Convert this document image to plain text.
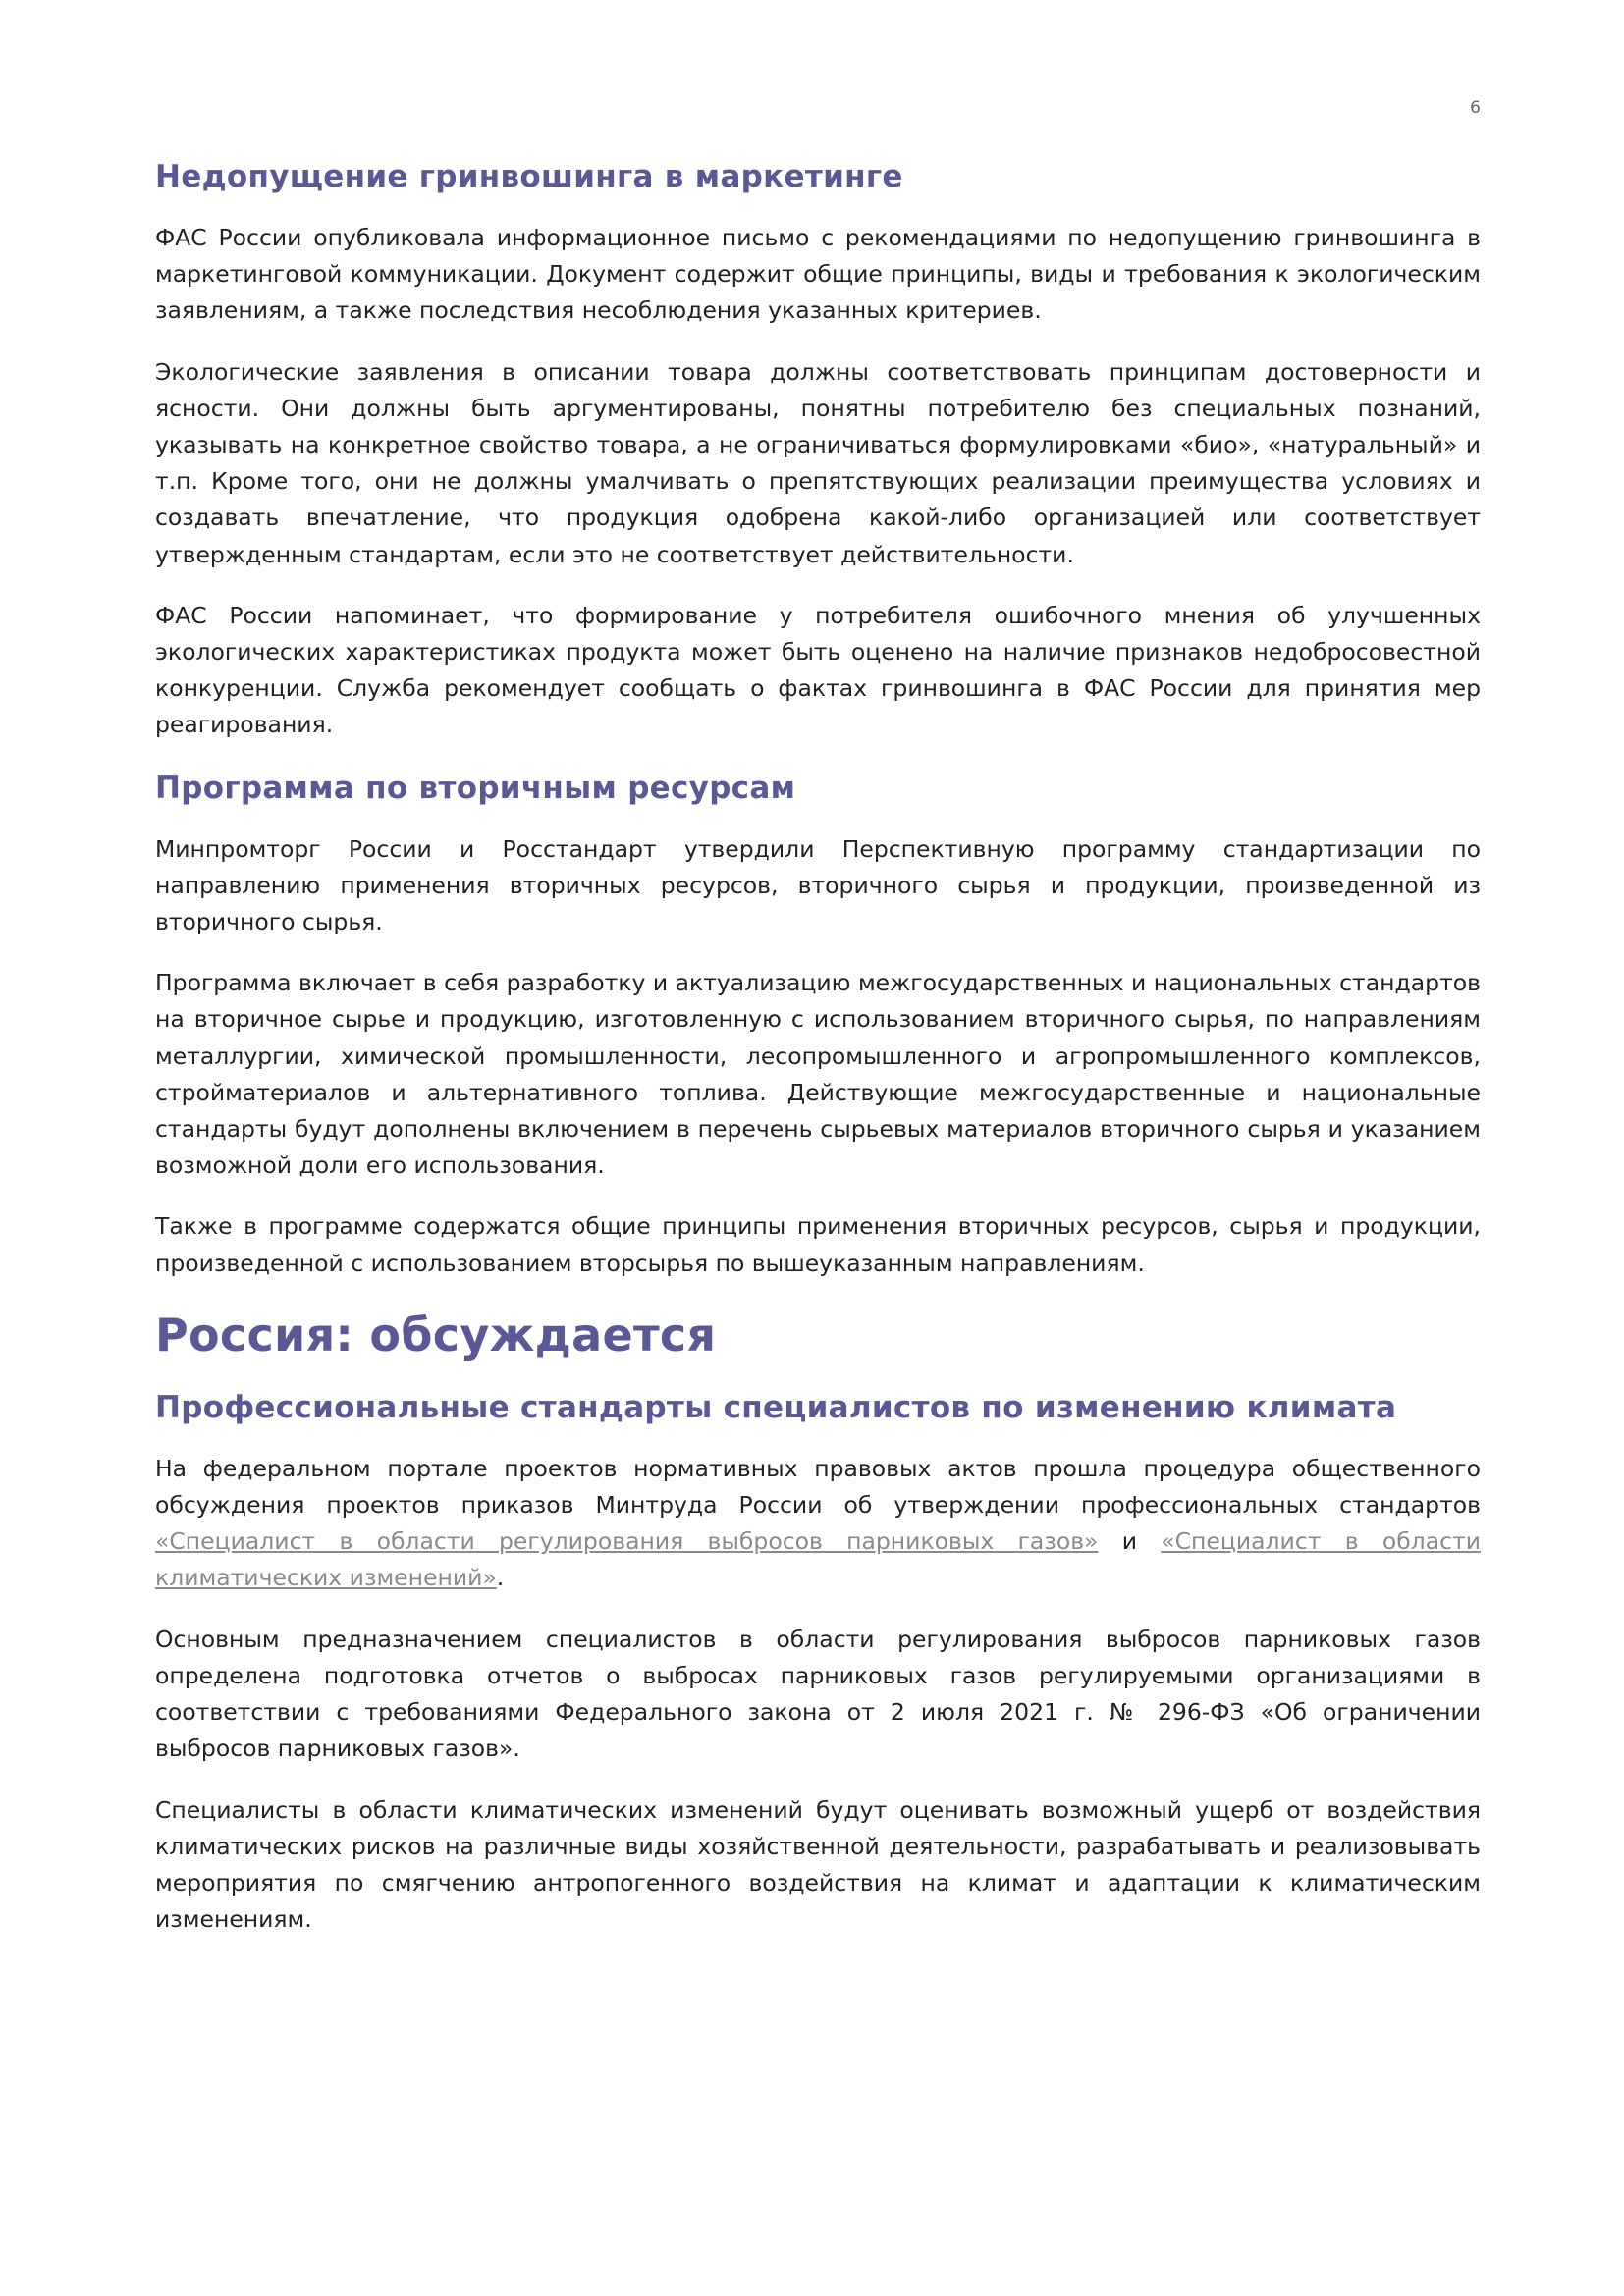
6
Недопущение гринвошинга в маркетинге

ФАС России опубликовала информационное письмо с рекомендациями по недопущению гринвошинга в маркетинговой коммуникации. Документ содержит общие принципы, виды и требования к экологическим заявлениям, а также последствия несоблюдения указанных критериев.

Экологические заявления в описании товара должны соответствовать принципам достоверности и ясности. Они должны быть аргументированы, понятны потребителю без специальных познаний, указывать на конкретное свойство товара, а не ограничиваться формулировками «био», «натуральный» и т.п. Кроме того, они не должны умалчивать о препятствующих реализации преимущества условиях и создавать впечатление, что продукция одобрена какой-либо организацией или соответствует утвержденным стандартам, если это не соответствует действительности.

ФАС России напоминает, что формирование у потребителя ошибочного мнения об улучшенных экологических характеристиках продукта может быть оценено на наличие признаков недобросовестной конкуренции. Служба рекомендует сообщать о фактах гринвошинга в ФАС России для принятия мер реагирования.

Программа по вторичным ресурсам

Минпромторг России и Росстандарт утвердили Перспективную программу стандартизации по направлению применения вторичных ресурсов, вторичного сырья и продукции, произведенной из вторичного сырья.

Программа включает в себя разработку и актуализацию межгосударственных и национальных стандартов на вторичное сырье и продукцию, изготовленную с использованием вторичного сырья, по направлениям металлургии, химической промышленности, лесопромышленного и агропромышленного комплексов, стройматериалов и альтернативного топлива. Действующие межгосударственные и национальные стандарты будут дополнены включением в перечень сырьевых материалов вторичного сырья и указанием возможной доли его использования.

Также в программе содержатся общие принципы применения вторичных ресурсов, сырья и продукции, произведенной с использованием вторсырья по вышеуказанным направлениям.

Россия: обсуждается
Профессиональные стандарты специалистов по изменению климата

На федеральном портале проектов нормативных правовых актов прошла процедура общественного обсуждения проектов приказов Минтруда России об утверждении профессиональных стандартов «Специалист в области регулирования выбросов парниковых газов» и «Специалист в области климатических изменений».

Основным предназначением специалистов в области регулирования выбросов парниковых газов определена подготовка отчетов о выбросах парниковых газов регулируемыми организациями в соответствии с требованиями Федерального закона от 2 июля 2021 г. № 296-ФЗ «Об ограничении выбросов парниковых газов».

Специалисты в области климатических изменений будут оценивать возможный ущерб от воздействия климатических рисков на различные виды хозяйственной деятельности, разрабатывать и реализовывать мероприятия по смягчению антропогенного воздействия на климат и адаптации к климатическим изменениям.
